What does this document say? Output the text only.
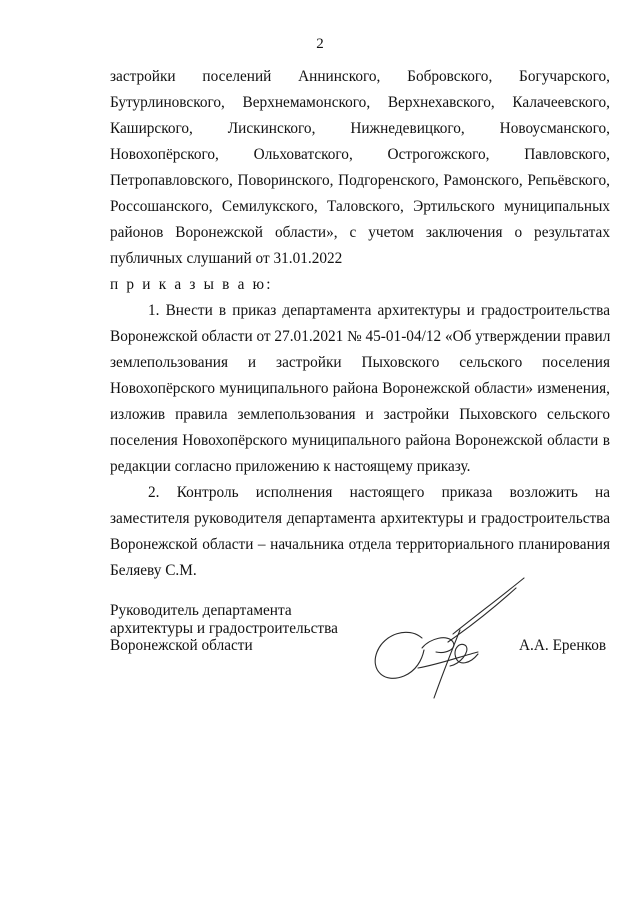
2
застройки поселений Аннинского, Бобровского, Богучарского,
Бутурлиновского, Верхнемамонского, Верхнехавского, Калачеевского,
Каширского, Лискинского, Нижнедевицкого, Новоусманского,
Новохопёрского, Ольховатского, Острогожского, Павловского,
Петропавловского, Поворинского, Подгоренского, Рамонского, Репьёвского,
Россошанского, Семилукского, Таловского, Эртильского муниципальных
районов Воронежской области», с учетом заключения о результатах
публичных слушаний от 31.01.2022
п р и к а з ы в а ю:
1. Внести в приказ департамента архитектуры и градостроительства
Воронежской области от 27.01.2021 № 45-01-04/12 «Об утверждении правил
землепользования и застройки Пыховского сельского поселения
Новохопёрского муниципального района Воронежской области» изменения,
изложив правила землепользования и застройки Пыховского сельского
поселения Новохопёрского муниципального района Воронежской области в
редакции согласно приложению к настоящему приказу.
2. Контроль исполнения настоящего приказа возложить на
заместителя руководителя департамента архитектуры и градостроительства
Воронежской области – начальника отдела территориального планирования
Беляеву С.М.
Руководитель департамента
архитектуры и градостроительства
Воронежской области	А.А. Еренков
